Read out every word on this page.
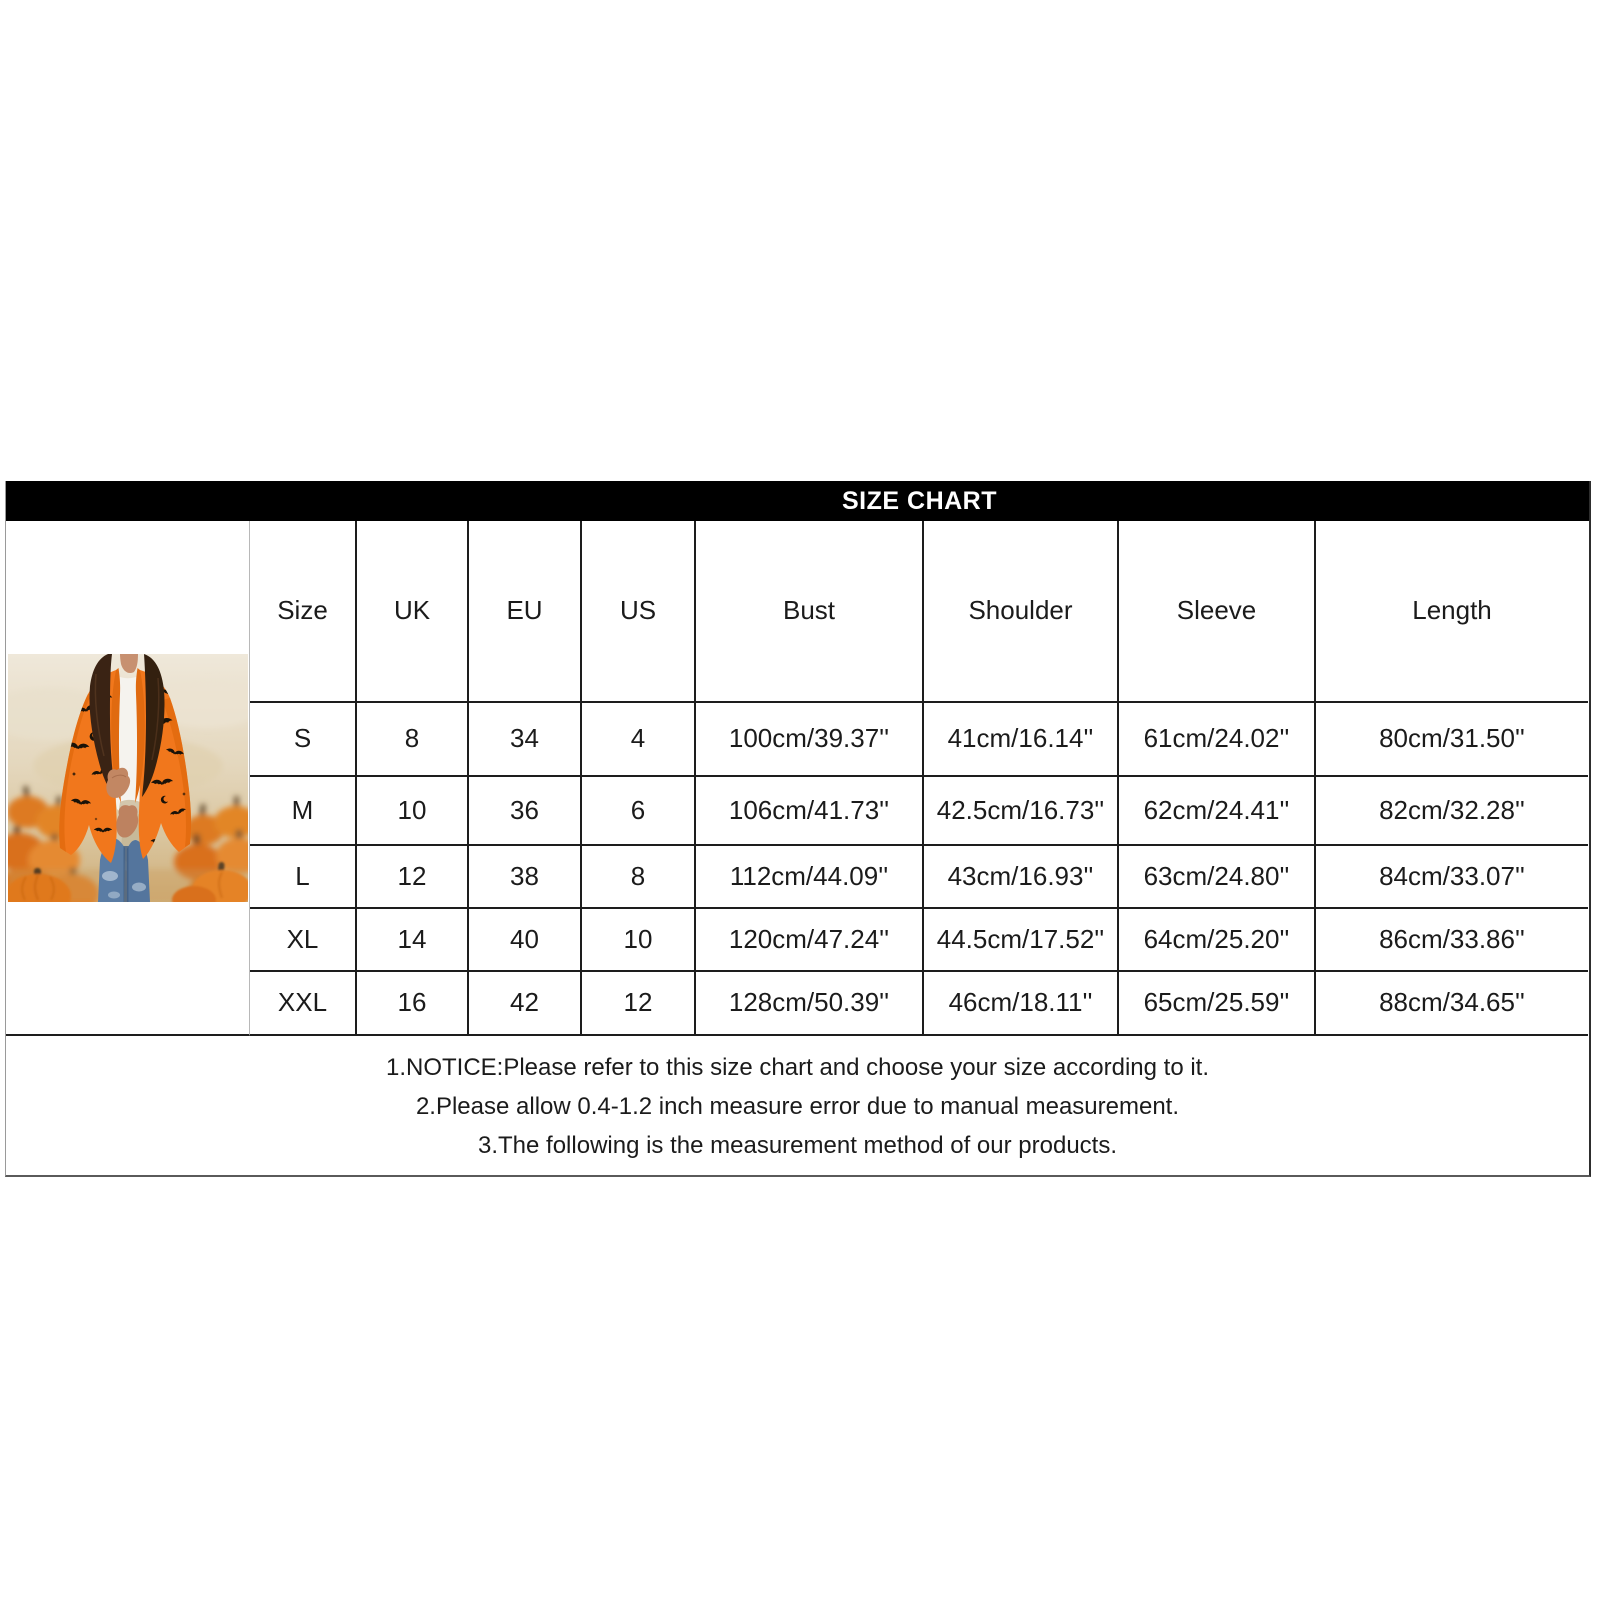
SIZE CHART
Size	UK	EU	US	Bust	Shoulder	Sleeve	Length
S	8	34	4	100cm/39.37''	41cm/16.14''	61cm/24.02''	80cm/31.50''
M	10	36	6	106cm/41.73''	42.5cm/16.73''	62cm/24.41''	82cm/32.28''
L	12	38	8	112cm/44.09''	43cm/16.93''	63cm/24.80''	84cm/33.07''
XL	14	40	10	120cm/47.24''	44.5cm/17.52''	64cm/25.20''	86cm/33.86''
XXL	16	42	12	128cm/50.39''	46cm/18.11''	65cm/25.59''	88cm/34.65''
1.NOTICE:Please refer to this size chart and choose your size according to it.
2.Please allow 0.4-1.2 inch measure error due to manual measurement.
3.The following is the measurement method of our products.
